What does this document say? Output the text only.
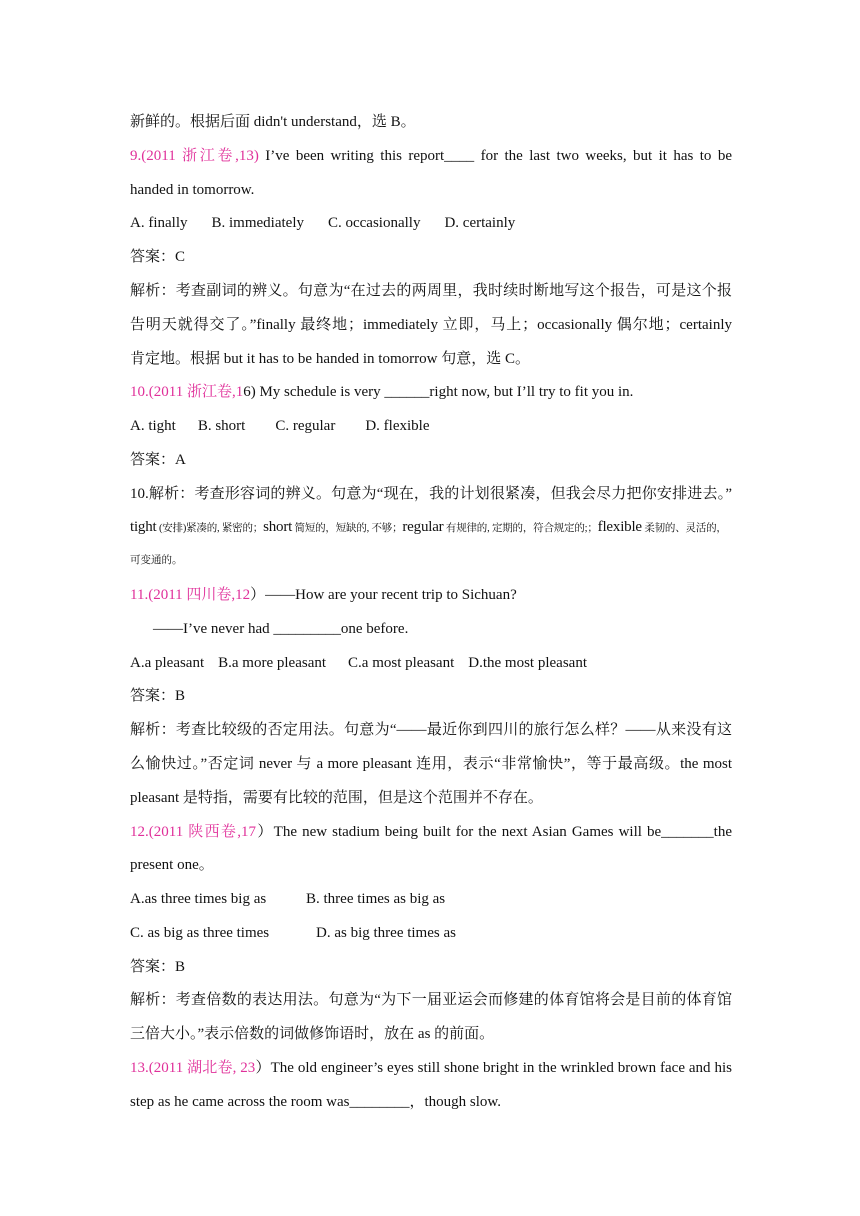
新鲜的。根据后面 didn't understand，选 B。
9.(2011 浙江卷,13) I’ve been writing this report____ for the last two weeks, but it has to be
handed in tomorrow.
A. finally B. immediately C. occasionally D. certainly
答案：C
解析：考查副词的辨义。句意为“在过去的两周里，我时续时断地写这个报告，可是这个报
告明天就得交了。”finally 最终地；immediately 立即，马上；occasionally 偶尔地；certainly
肯定地。根据 but it has to be handed in tomorrow 句意，选 C。
10.(2011 浙江卷,16) My schedule is very ______right now, but I’ll try to fit you in.
A. tight B. short C. regular D. flexible
答案：A
10.解析：考查形容词的辨义。句意为“现在，我的计划很紧凑，但我会尽力把你安排进去。”
tight (安排)紧凑的, 紧密的；short 简短的，短缺的, 不够；regular 有规律的, 定期的，符合规定的;；flexible 柔韧的、灵活的，
可变通的。
11.(2011 四川卷,12）——How are your recent trip to Sichuan?
——I’ve never had _________one before.
A.a pleasant B.a more pleasant C.a most pleasant D.the most pleasant
答案：B
解析：考查比较级的否定用法。句意为“——最近你到四川的旅行怎么样？——从来没有这
么愉快过。”否定词 never 与 a more pleasant 连用，表示“非常愉快”，等于最高级。the most
pleasant 是特指，需要有比较的范围，但是这个范围并不存在。
12.(2011 陕西卷,17）The new stadium being built for the next Asian Games will be_______the
present one。
A.as three times big as	B. three times as big as
C. as big as three times	D. as big three times as
答案：B
解析：考查倍数的表达用法。句意为“为下一届亚运会而修建的体育馆将会是目前的体育馆
三倍大小。”表示倍数的词做修饰语时，放在 as 的前面。
13.(2011 湖北卷, 23）The old engineer’s eyes still shone bright in the wrinkled brown face and his
step as he came across the room was________，though slow.
